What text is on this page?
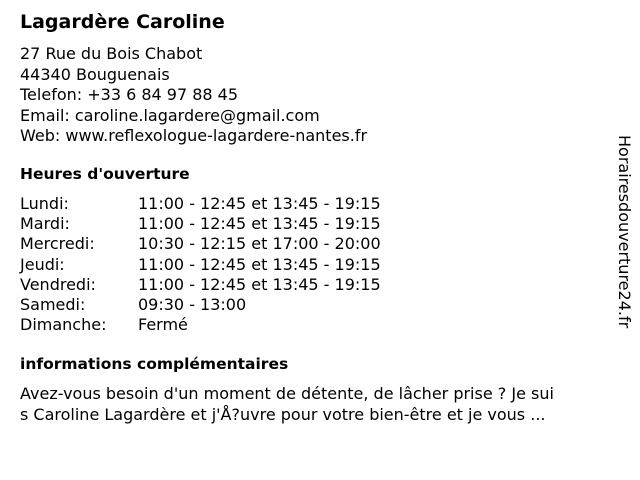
Lagardère Caroline
27 Rue du Bois Chabot
44340 Bouguenais
Telefon: +33 6 84 97 88 45
Email: caroline.lagardere@gmail.com
Web: www.reflexologue-lagardere-nantes.fr
Heures d'ouverture
Lundi:	11:00 - 12:45 et 13:45 - 19:15
Mardi:	11:00 - 12:45 et 13:45 - 19:15
Mercredi:	10:30 - 12:15 et 17:00 - 20:00
Jeudi:	11:00 - 12:45 et 13:45 - 19:15
Vendredi:	11:00 - 12:45 et 13:45 - 19:15
Samedi:	09:30 - 13:00
Dimanche: Fermé
informations complémentaires
Avez-vous besoin d'un moment de détente, de lâcher prise ? Je sui
s Caroline Lagardère et j'Å?uvre pour votre bien-être et je vous ...
Horairesdouverture24.fr
